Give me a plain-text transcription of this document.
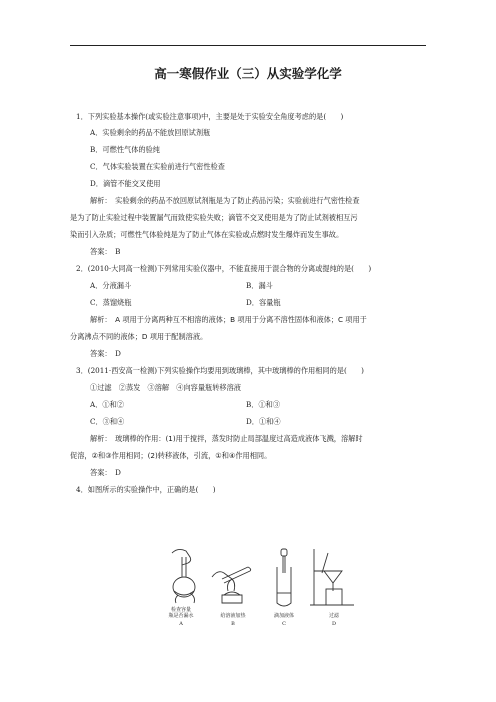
高一寒假作业（三）从实验学化学
1．下列实验基本操作(或实验注意事项)中，主要是处于实验安全角度考虑的是(　　)
A．实验剩余的药品不能放回原试剂瓶
B．可燃性气体的验纯
C．气体实验装置在实验前进行气密性检查
D．滴管不能交叉使用
解析：　实验剩余的药品不放回原试剂瓶是为了防止药品污染；实验前进行气密性检查
是为了防止实验过程中装置漏气而致使实验失败；滴管不交叉使用是为了防止试剂被相互污
染而引入杂质；可燃性气体验纯是为了防止气体在实验或点燃时发生爆炸而发生事故。
答案：　B
2．(2010·大同高一检测)下列常用实验仪器中，不能直接用于混合物的分离或提纯的是(　　)
A．分液漏斗	B．漏斗
C．蒸馏烧瓶	D．容量瓶
解析：　A 项用于分离两种互不相溶的液体；B 项用于分离不溶性固体和液体；C 项用于
分离沸点不同的液体；D 项用于配制溶液。
答案：　D
3．(2011·西安高一检测)下列实验操作均要用到玻璃棒，其中玻璃棒的作用相同的是(　　)
①过滤　②蒸发　③溶解　④向容量瓶转移溶液
A．①和②	B．①和③
C．③和④	D．①和④
解析：　玻璃棒的作用：(1)用于搅拌，蒸发时防止局部温度过高造成液体飞溅，溶解时
促溶，②和③作用相同；(2)转移液体，引流，①和④作用相同。
答案：　D
4．如图所示的实验操作中，正确的是(　　)
检查容量
瓶是否漏水
A
给溶液加热
B
滴加液体
C
过滤
D
